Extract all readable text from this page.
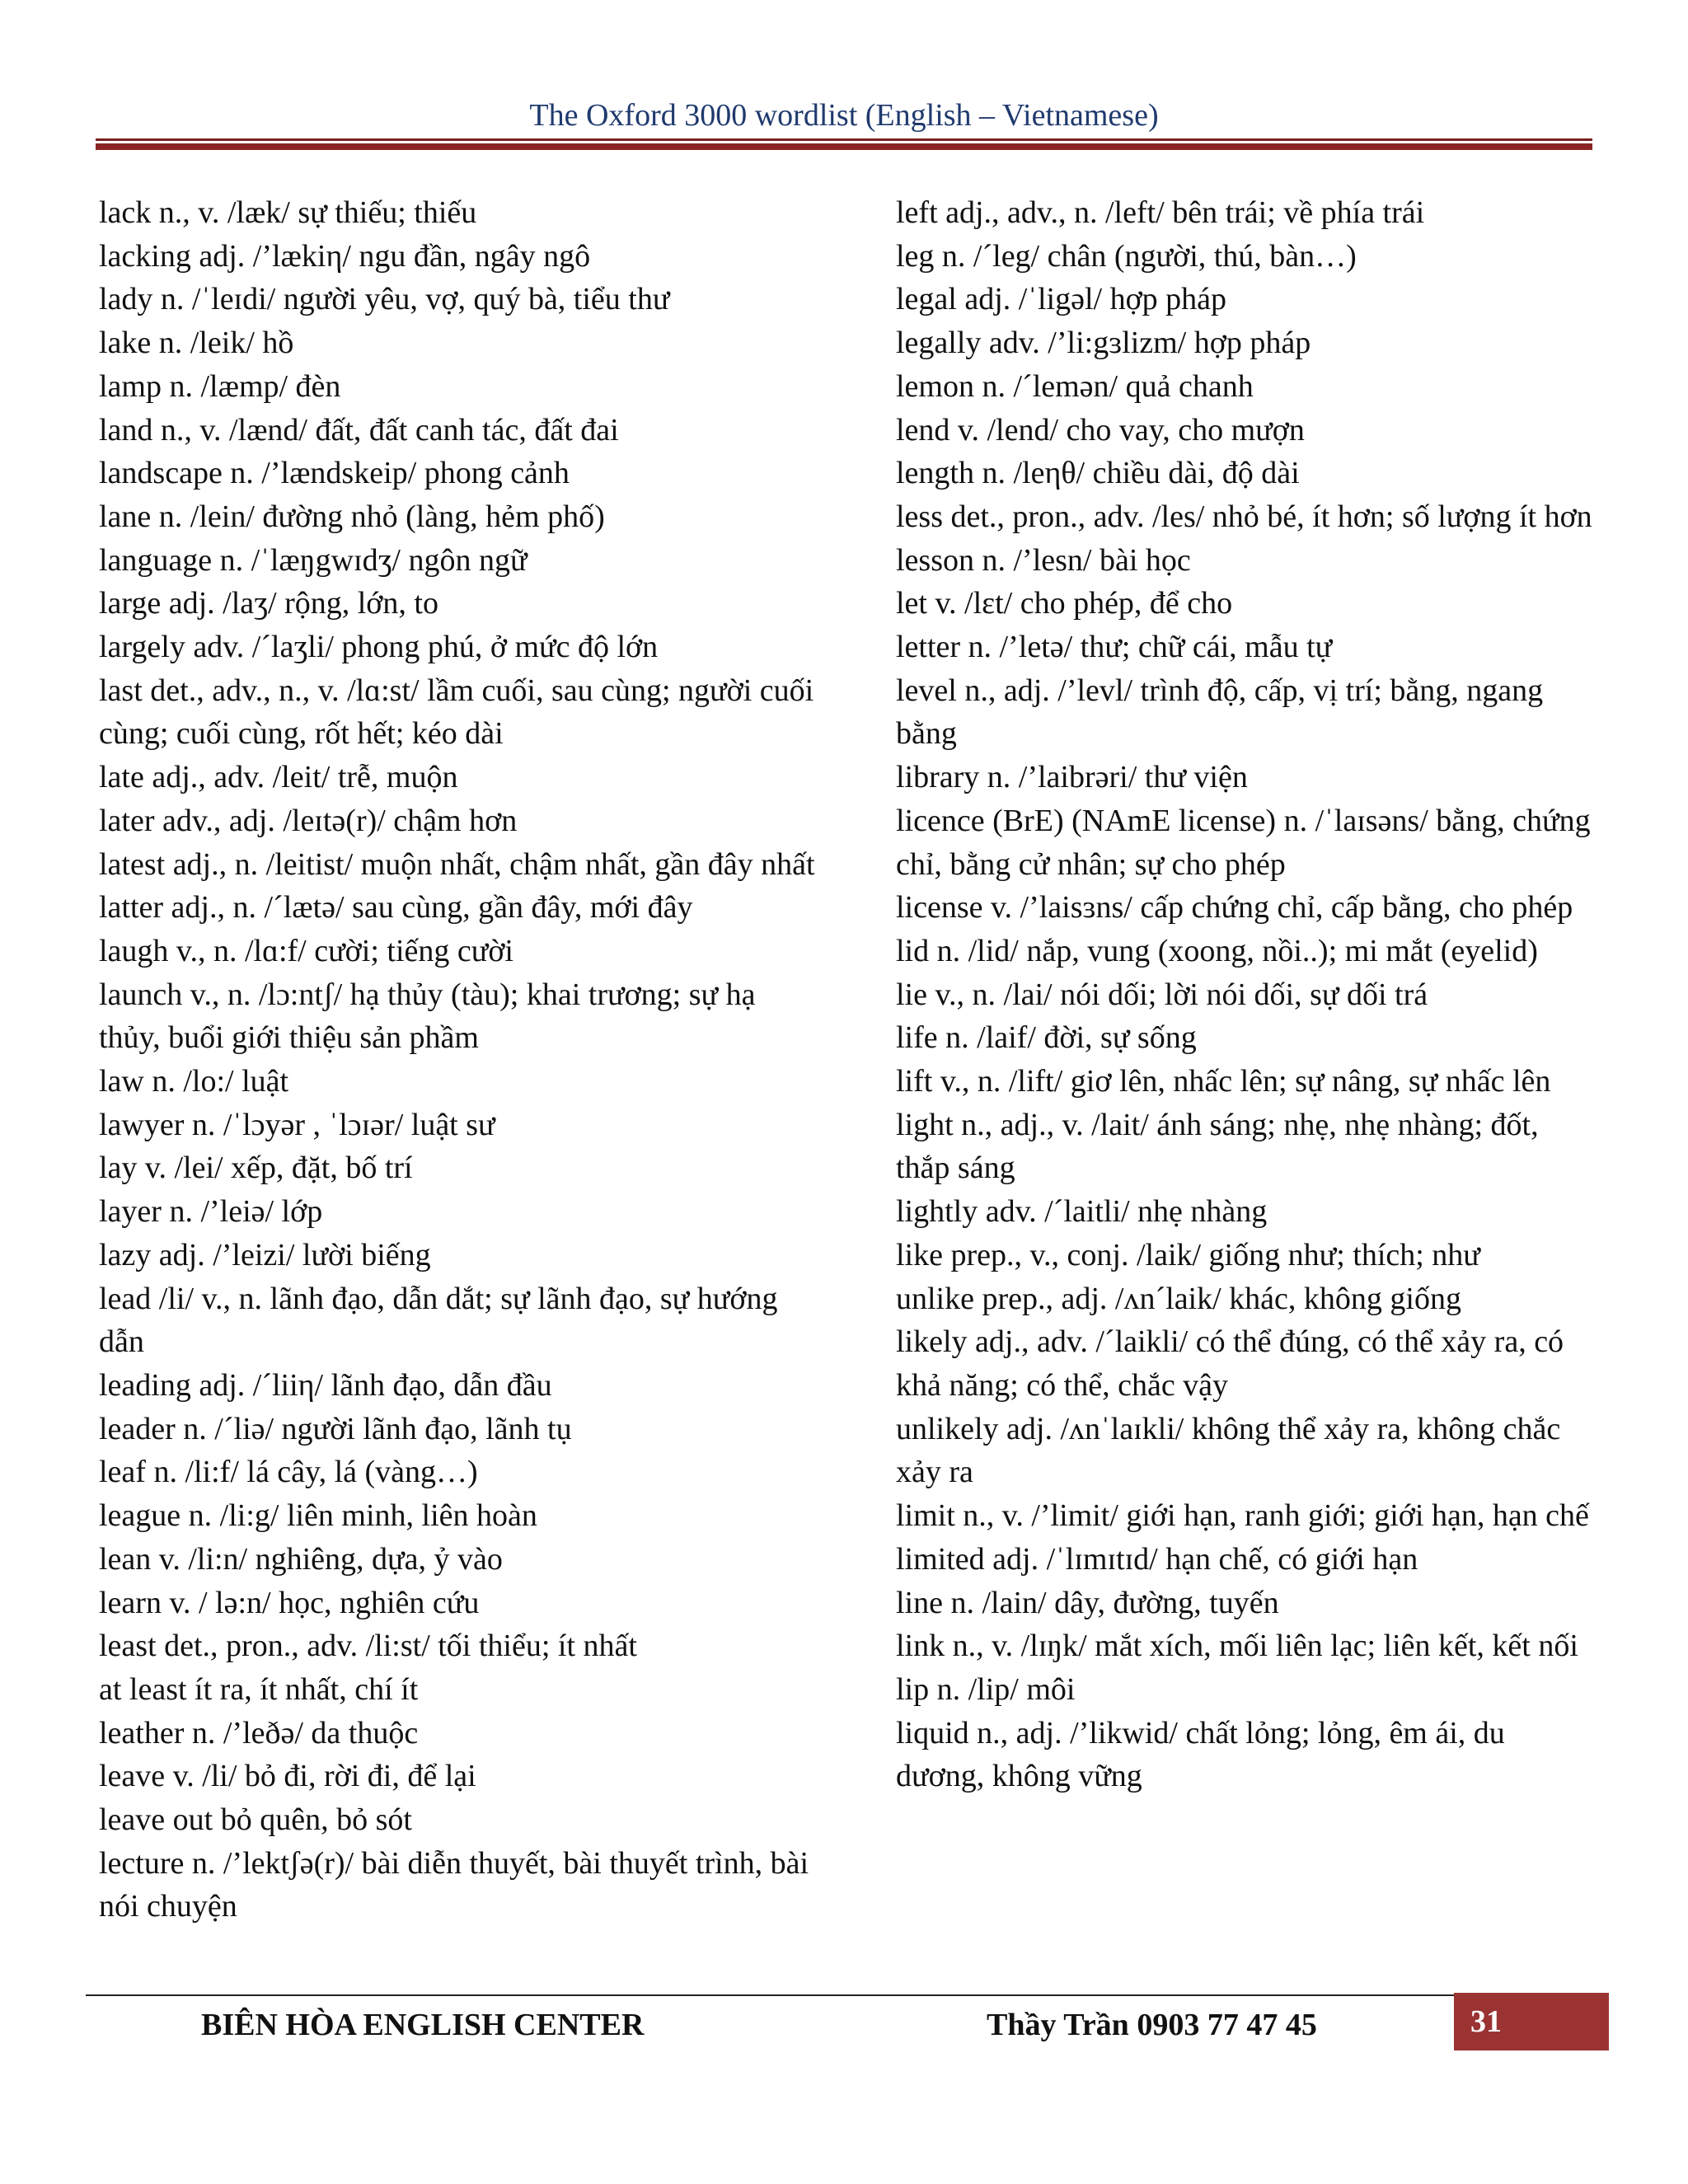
The Oxford 3000 wordlist (English – Vietnamese)

lack n., v. /læk/ sự thiếu; thiếu

lacking adj. /’lækiη/ ngu đần, ngây ngô

lady n. /ˈleɪdi/ người yêu, vợ, quý bà, tiểu thư

lake n. /leik/ hồ

lamp n. /læmp/ đèn

land n., v. /lænd/ đất, đất canh tác, đất đai

landscape n. /’lændskeip/ phong cảnh

lane n. /lein/ đường nhỏ (làng, hẻm phố)

language n. /ˈlæŋgwɪdʒ/ ngôn ngữ

large adj. /laʒ/ rộng, lớn, to

largely adv. /´laʒli/ phong phú, ở mức độ lớn

last det., adv., n., v. /lɑ:st/ lầm cuối, sau cùng; người cuối cùng; cuối cùng, rốt hết; kéo dài

late adj., adv. /leit/ trễ, muộn

later adv., adj. /leɪtə(r)/ chậm hơn

latest adj., n. /leitist/ muộn nhất, chậm nhất, gần đây nhất

latter adj., n. /´lætə/ sau cùng, gần đây, mới đây

laugh v., n. /lɑ:f/ cười; tiếng cười

launch v., n. /lɔ:ntʃ/ hạ thủy (tàu); khai trương; sự hạ thủy, buổi giới thiệu sản phầm

law n. /lo:/ luật

lawyer n. /ˈlɔyər , ˈlɔɪər/ luật sư

lay v. /lei/ xếp, đặt, bố trí

layer n. /’leiə/ lớp

lazy adj. /’leizi/ lười biếng

lead /li/ v., n. lãnh đạo, dẫn dắt; sự lãnh đạo, sự hướng dẫn

leading adj. /´liiη/ lãnh đạo, dẫn đầu

leader n. /´liə/ người lãnh đạo, lãnh tụ

leaf n. /li:f/ lá cây, lá (vàng…)

league n. /li:g/ liên minh, liên hoàn

lean v. /li:n/ nghiêng, dựa, ỷ vào

learn v. / lə:n/ học, nghiên cứu

least det., pron., adv. /li:st/ tối thiểu; ít nhất

at least ít ra, ít nhất, chí ít

leather n. /’leðə/ da thuộc

leave v. /li/ bỏ đi, rời đi, để lại

leave out bỏ quên, bỏ sót

lecture n. /’lektʃə(r)/ bài diễn thuyết, bài thuyết trình, bài nói chuyện

left adj., adv., n. /left/ bên trái; về phía trái

leg n. /´leg/ chân (người, thú, bàn…)

legal adj. /ˈligəl/ hợp pháp

legally adv. /’li:gɜlizm/ hợp pháp

lemon n. /´lemən/ quả chanh

lend v. /lend/ cho vay, cho mượn

length n. /leηθ/ chiều dài, độ dài

less det., pron., adv. /les/ nhỏ bé, ít hơn; số lượng ít hơn

lesson n. /’lesn/ bài học

let v. /lɛt/ cho phép, để cho

letter n. /’letə/ thư; chữ cái, mẫu tự

level n., adj. /’levl/ trình độ, cấp, vị trí; bằng, ngang bằng

library n. /’laibrəri/ thư viện

licence (BrE) (NAmE license) n. /ˈlaɪsəns/ bằng, chứng chỉ, bằng cử nhân; sự cho phép

license v. /’laisɜns/ cấp chứng chỉ, cấp bằng, cho phép

lid n. /lid/ nắp, vung (xoong, nồi..); mi mắt (eyelid)

lie v., n. /lai/ nói dối; lời nói dối, sự dối trá

life n. /laif/ đời, sự sống

lift v., n. /lift/ giơ lên, nhấc lên; sự nâng, sự nhấc lên

light n., adj., v. /lait/ ánh sáng; nhẹ, nhẹ nhàng; đốt, thắp sáng

lightly adv. /´laitli/ nhẹ nhàng

like prep., v., conj. /laik/ giống như; thích; như

unlike prep., adj. /ʌn´laik/ khác, không giống

likely adj., adv. /´laikli/ có thể đúng, có thể xảy ra, có khả năng; có thể, chắc vậy

unlikely adj. /ʌnˈlaɪkli/ không thể xảy ra, không chắc xảy ra

limit n., v. /’limit/ giới hạn, ranh giới; giới hạn, hạn chế

limited adj. /ˈlɪmɪtɪd/ hạn chế, có giới hạn

line n. /lain/ dây, đường, tuyến

link n., v. /lɪŋk/ mắt xích, mối liên lạc; liên kết, kết nối

lip n. /lip/ môi

liquid n., adj. /’likwid/ chất lỏng; lỏng, êm ái, du dương, không vững

BIÊN HÒA ENGLISH CENTER	Thầy Trần 0903 77 47 45	31
